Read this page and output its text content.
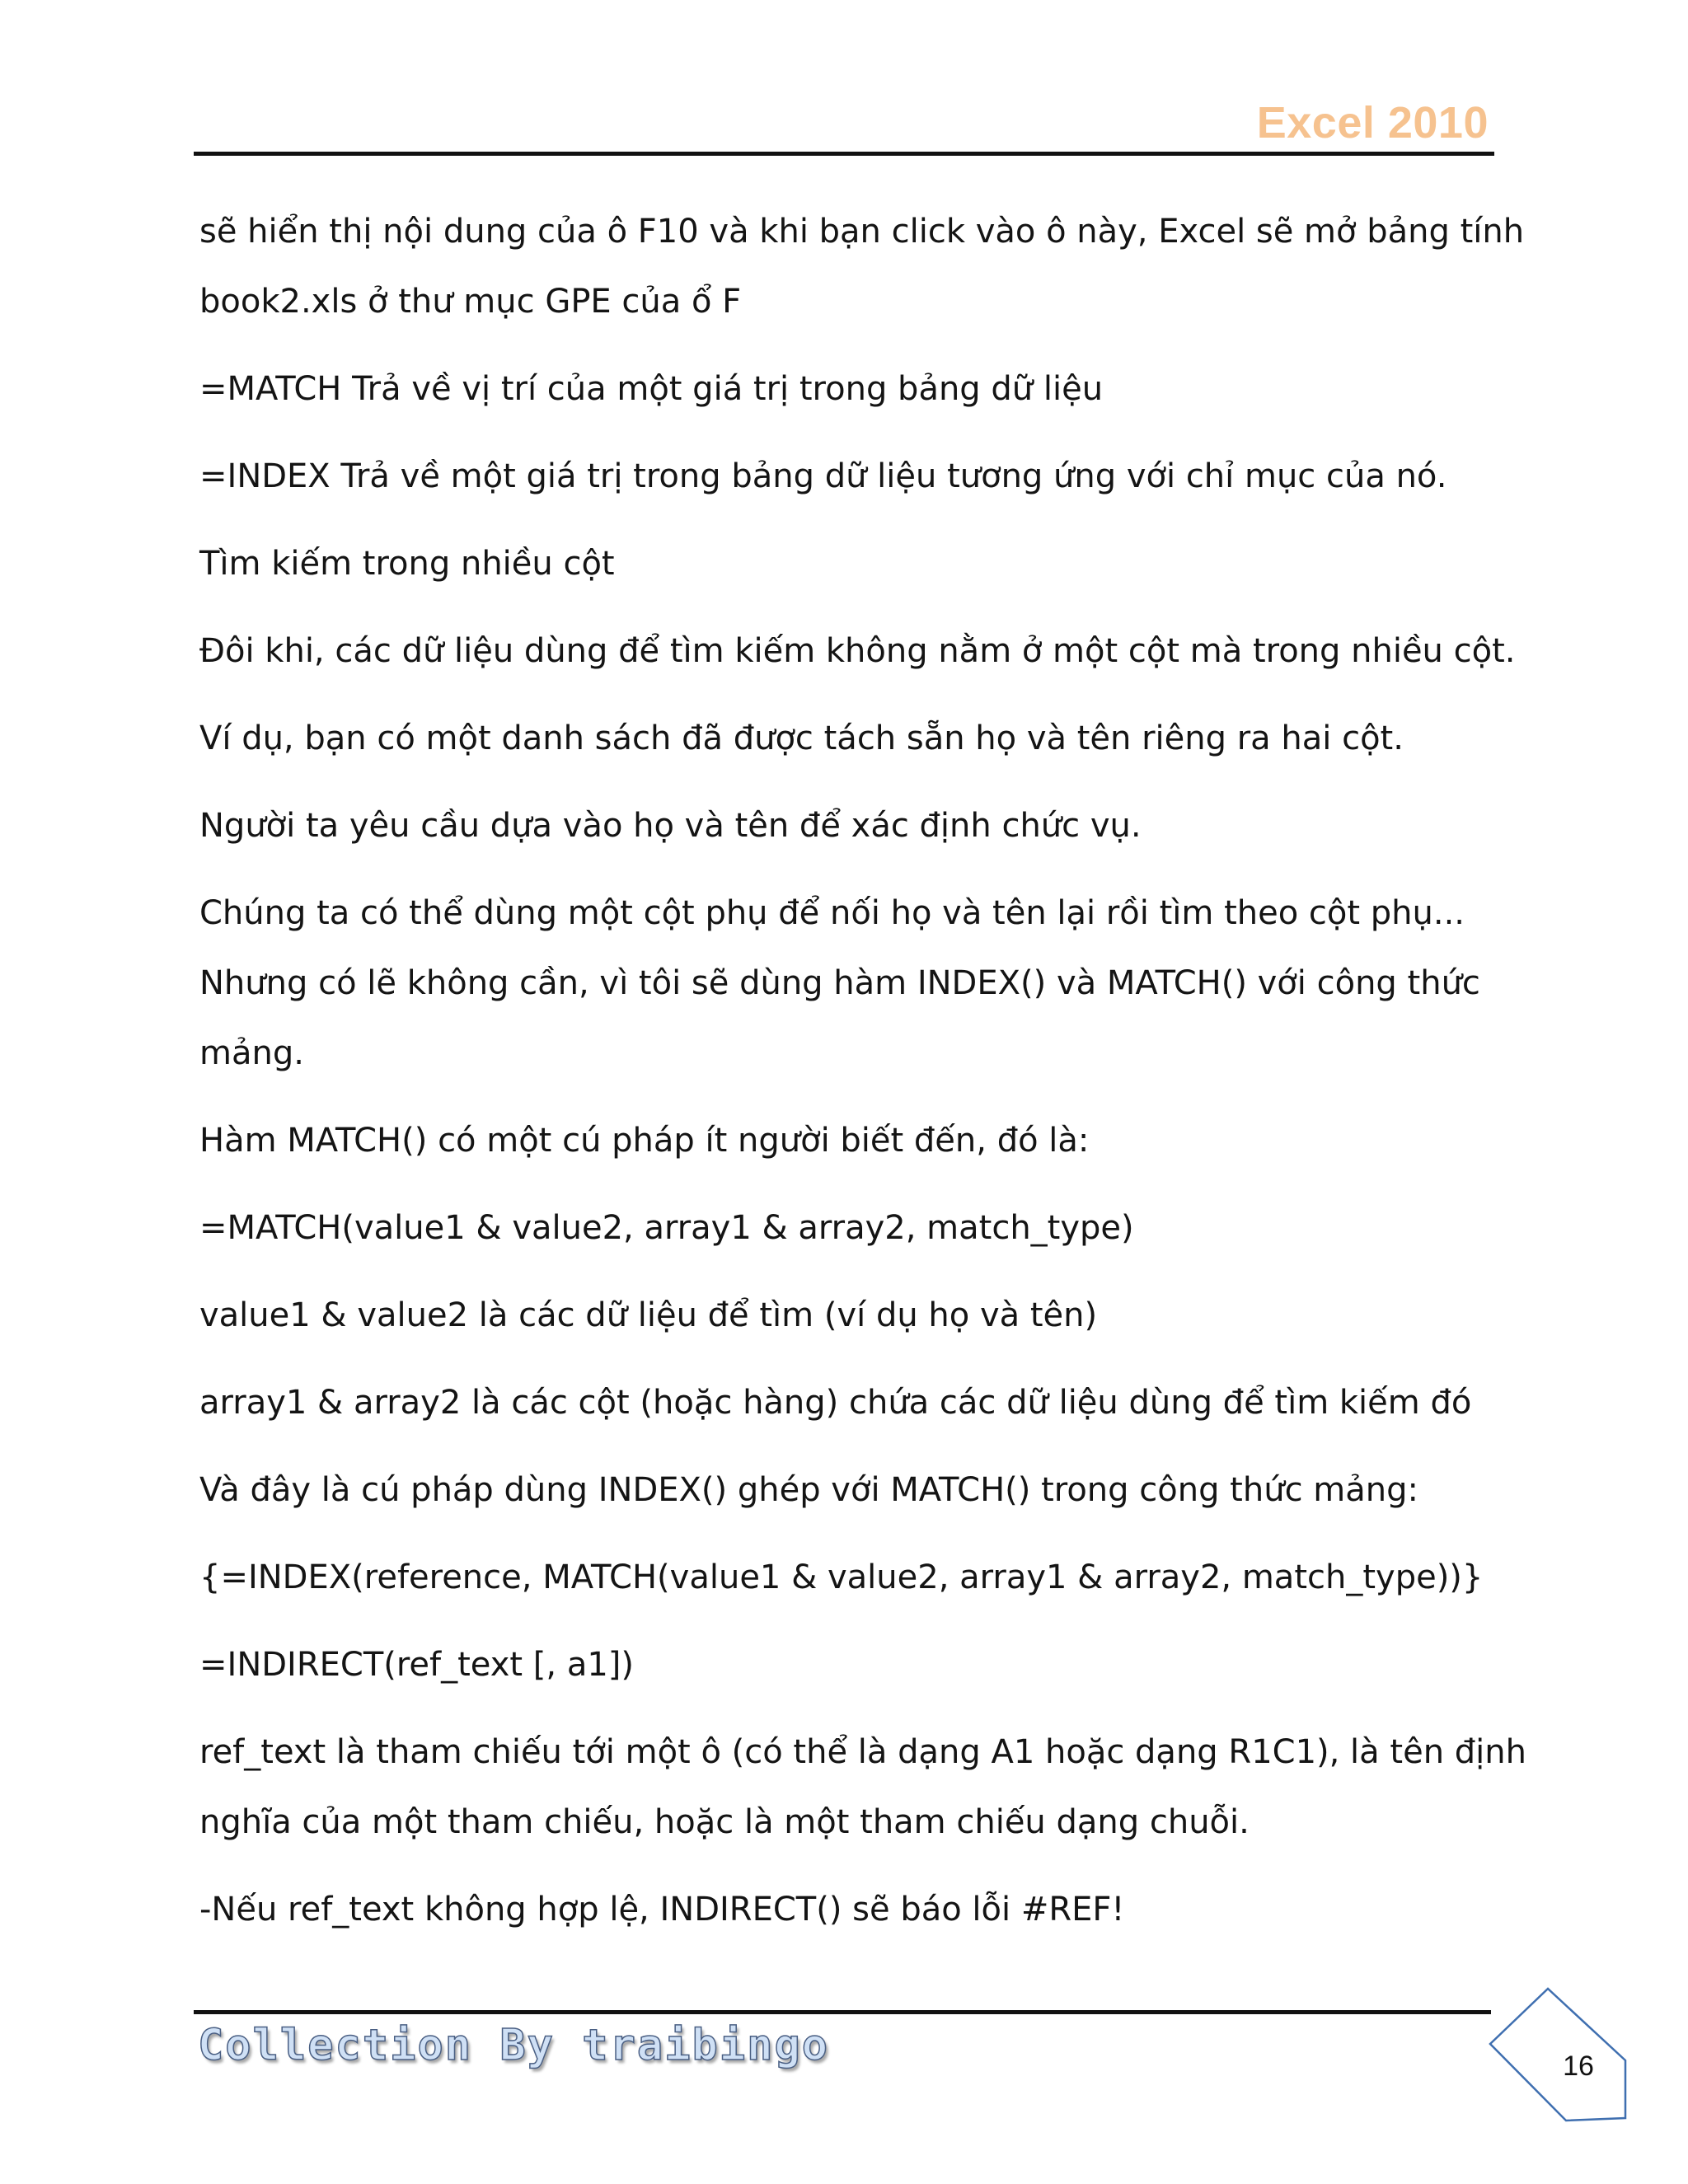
Excel 2010
sẽ hiển thị nội dung của ô F10 và khi bạn click vào ô này, Excel sẽ mở bảng tính
book2.xls ở thư mục GPE của ổ F
=MATCH Trả về vị trí của một giá trị trong bảng dữ liệu
=INDEX Trả về một giá trị trong bảng dữ liệu tương ứng với chỉ mục của nó.
Tìm kiếm trong nhiều cột
Đôi khi, các dữ liệu dùng để tìm kiếm không nằm ở một cột mà trong nhiều cột.
Ví dụ, bạn có một danh sách đã được tách sẵn họ và tên riêng ra hai cột.
Người ta yêu cầu dựa vào họ và tên để xác định chức vụ.
Chúng ta có thể dùng một cột phụ để nối họ và tên lại rồi tìm theo cột phụ...
Nhưng có lẽ không cần, vì tôi sẽ dùng hàm INDEX() và MATCH() với công thức
mảng.
Hàm MATCH() có một cú pháp ít người biết đến, đó là:
=MATCH(value1 & value2, array1 & array2, match_type)
value1 & value2 là các dữ liệu để tìm (ví dụ họ và tên)
array1 & array2 là các cột (hoặc hàng) chứa các dữ liệu dùng để tìm kiếm đó
Và đây là cú pháp dùng INDEX() ghép với MATCH() trong công thức mảng:
{=INDEX(reference, MATCH(value1 & value2, array1 & array2, match_type))}
=INDIRECT(ref_text [, a1])
ref_text là tham chiếu tới một ô (có thể là dạng A1 hoặc dạng R1C1), là tên định
nghĩa của một tham chiếu, hoặc là một tham chiếu dạng chuỗi.
-Nếu ref_text không hợp lệ, INDIRECT() sẽ báo lỗi #REF!
Collection By traibingo	16
